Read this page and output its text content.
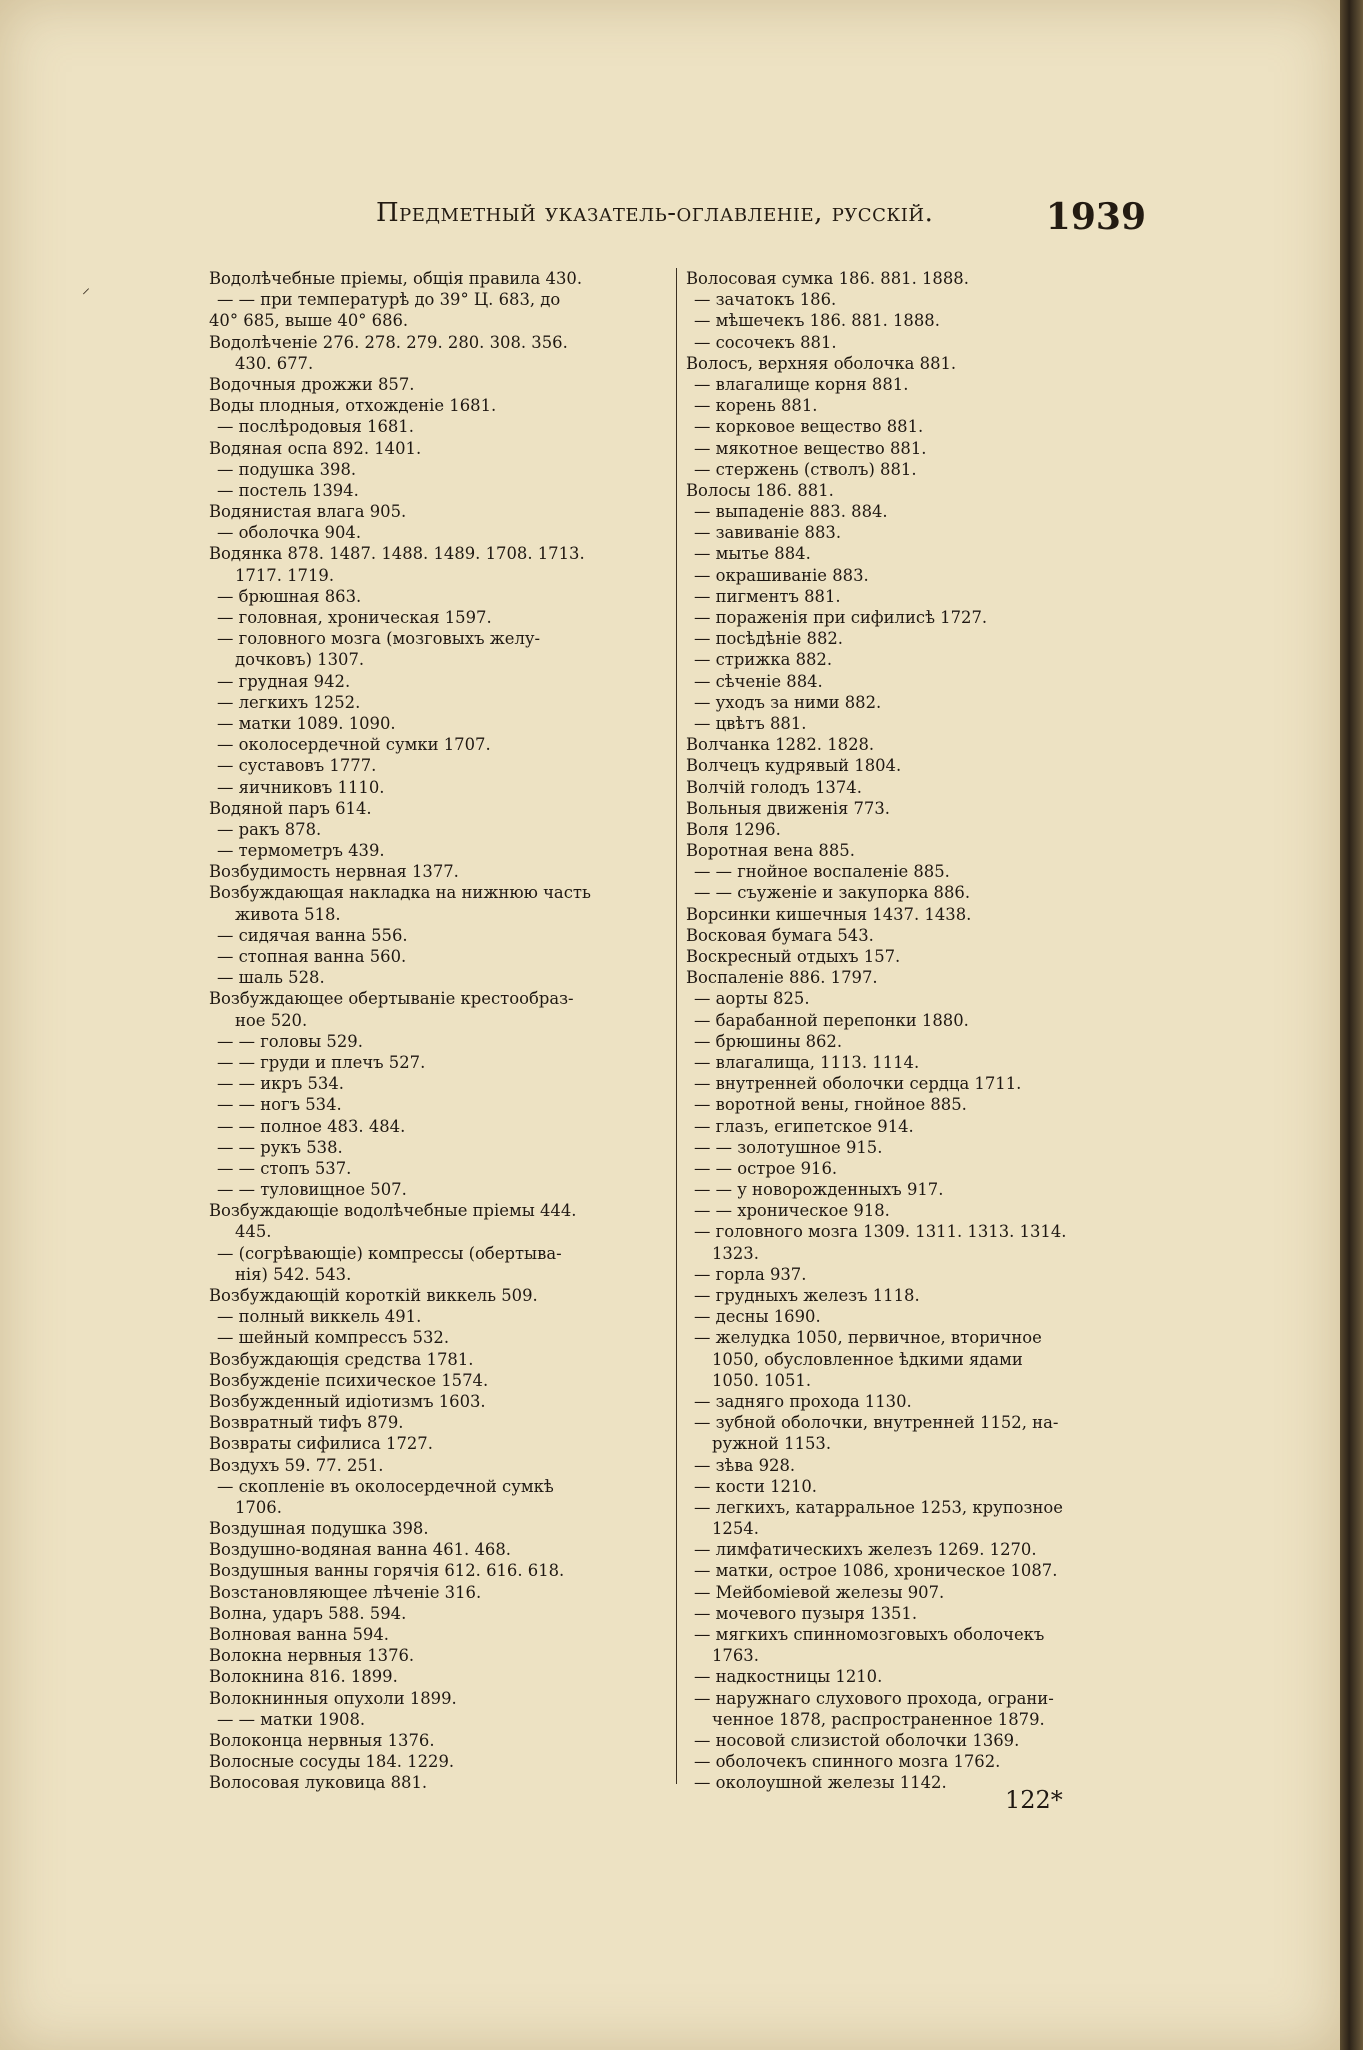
⸝
Предметный указатель-оглавленіе, русскій.	1939
Водолѣчебные пріемы, общія правила 430.
— — при температурѣ до 39° Ц. 683, до
40° 685, выше 40° 686.
Водолѣченіе 276. 278. 279. 280. 308. 356.
430. 677.
Водочныя дрожжи 857.
Воды плодныя, отхожденіе 1681.
— послѣродовыя 1681.
Водяная оспа 892. 1401.
— подушка 398.
— постель 1394.
Водянистая влага 905.
— оболочка 904.
Водянка 878. 1487. 1488. 1489. 1708. 1713.
1717. 1719.
— брюшная 863.
— головная, хроническая 1597.
— головного мозга (мозговыхъ желу-
дочковъ) 1307.
— грудная 942.
— легкихъ 1252.
— матки 1089. 1090.
— околосердечной сумки 1707.
— суставовъ 1777.
— яичниковъ 1110.
Водяной паръ 614.
— ракъ 878.
— термометръ 439.
Возбудимость нервная 1377.
Возбуждающая накладка на нижнюю часть
живота 518.
— сидячая ванна 556.
— стопная ванна 560.
— шаль 528.
Возбуждающее обертываніе крестообраз-
ное 520.
— — головы 529.
— — груди и плечъ 527.
— — икръ 534.
— — ногъ 534.
— — полное 483. 484.
— — рукъ 538.
— — стопъ 537.
— — туловищное 507.
Возбуждающіе водолѣчебные пріемы 444.
445.
— (согрѣвающіе) компрессы (обертыва-
нія) 542. 543.
Возбуждающій короткій виккель 509.
— полный виккель 491.
— шейный компрессъ 532.
Возбуждающія средства 1781.
Возбужденіе психическое 1574.
Возбужденный идіотизмъ 1603.
Возвратный тифъ 879.
Возвраты сифилиса 1727.
Воздухъ 59. 77. 251.
— скопленіе въ околосердечной сумкѣ
1706.
Воздушная подушка 398.
Воздушно-водяная ванна 461. 468.
Воздушныя ванны горячія 612. 616. 618.
Возстановляющее лѣченіе 316.
Волна, ударъ 588. 594.
Волновая ванна 594.
Волокна нервныя 1376.
Волокнина 816. 1899.
Волокнинныя опухоли 1899.
— — матки 1908.
Волоконца нервныя 1376.
Волосные сосуды 184. 1229.
Волосовая луковица 881.
Волосовая сумка 186. 881. 1888.
— зачатокъ 186.
— мѣшечекъ 186. 881. 1888.
— сосочекъ 881.
Волосъ, верхняя оболочка 881.
— влагалище корня 881.
— корень 881.
— корковое вещество 881.
— мякотное вещество 881.
— стержень (стволъ) 881.
Волосы 186. 881.
— выпаденіе 883. 884.
— завиваніе 883.
— мытье 884.
— окрашиваніе 883.
— пигментъ 881.
— пораженія при сифилисѣ 1727.
— посѣдѣніе 882.
— стрижка 882.
— сѣченіе 884.
— уходъ за ними 882.
— цвѣтъ 881.
Волчанка 1282. 1828.
Волчецъ кудрявый 1804.
Волчій голодъ 1374.
Вольныя движенія 773.
Воля 1296.
Воротная вена 885.
— — гнойное воспаленіе 885.
— — съуженіе и закупорка 886.
Ворсинки кишечныя 1437. 1438.
Восковая бумага 543.
Воскресный отдыхъ 157.
Воспаленіе 886. 1797.
— аорты 825.
— барабанной перепонки 1880.
— брюшины 862.
— влагалища, 1113. 1114.
— внутренней оболочки сердца 1711.
— воротной вены, гнойное 885.
— глазъ, египетское 914.
— — золотушное 915.
— — острое 916.
— — у новорожденныхъ 917.
— — хроническое 918.
— головного мозга 1309. 1311. 1313. 1314.
1323.
— горла 937.
— грудныхъ железъ 1118.
— десны 1690.
— желудка 1050, первичное, вторичное
1050, обусловленное ѣдкими ядами
1050. 1051.
— задняго прохода 1130.
— зубной оболочки, внутренней 1152, на-
ружной 1153.
— зѣва 928.
— кости 1210.
— легкихъ, катарральное 1253, крупозное
1254.
— лимфатическихъ железъ 1269. 1270.
— матки, острое 1086, хроническое 1087.
— Мейбоміевой железы 907.
— мочевого пузыря 1351.
— мягкихъ спинномозговыхъ оболочекъ
1763.
— надкостницы 1210.
— наружнаго слухового прохода, ограни-
ченное 1878, распространенное 1879.
— носовой слизистой оболочки 1369.
— оболочекъ спинного мозга 1762.
— околоушной железы 1142.
122*
